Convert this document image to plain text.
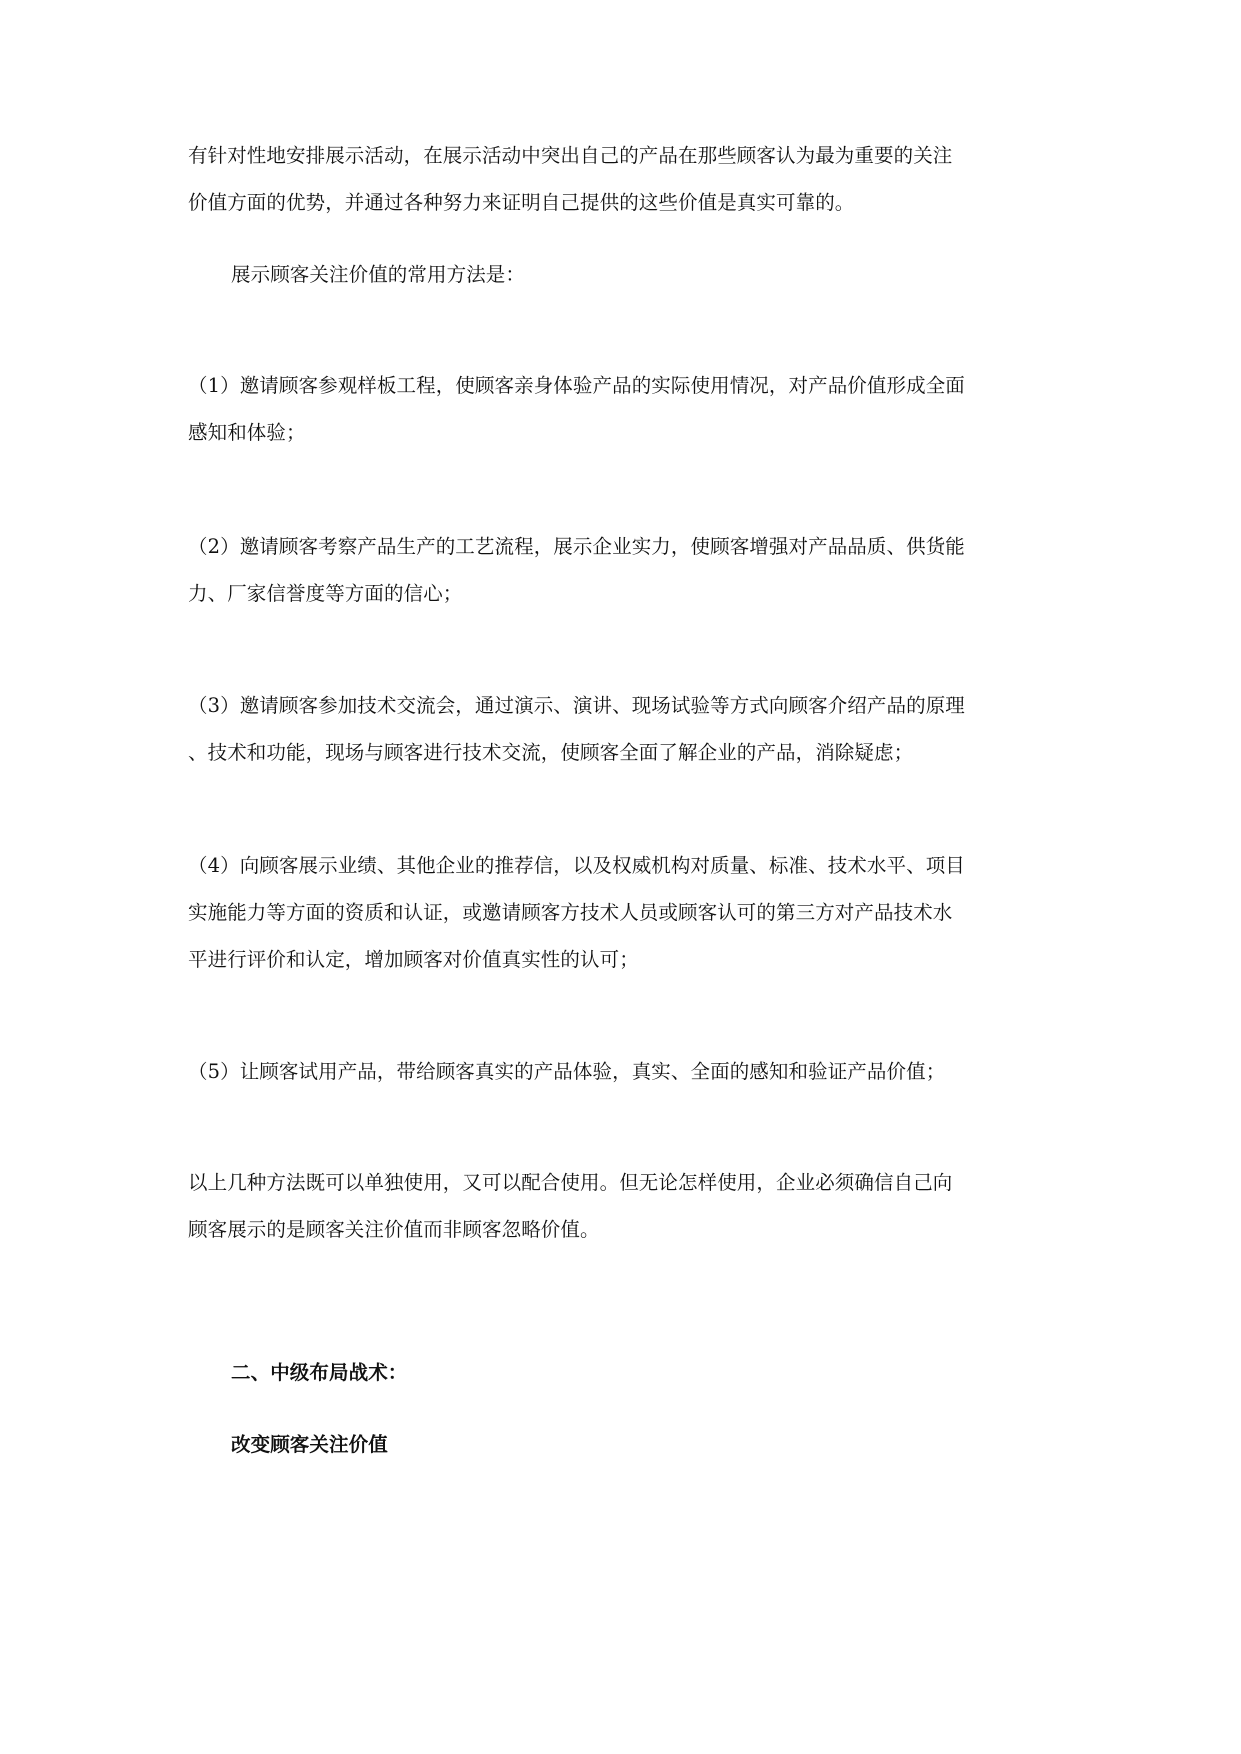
有针对性地安排展示活动，在展示活动中突出自己的产品在那些顾客认为最为重要的关注
价值方面的优势，并通过各种努力来证明自己提供的这些价值是真实可靠的。
展示顾客关注价值的常用方法是：
（1）邀请顾客参观样板工程，使顾客亲身体验产品的实际使用情况，对产品价值形成全面
感知和体验；
（2）邀请顾客考察产品生产的工艺流程，展示企业实力，使顾客增强对产品品质、供货能
力、厂家信誉度等方面的信心；
（3）邀请顾客参加技术交流会，通过演示、演讲、现场试验等方式向顾客介绍产品的原理
、技术和功能，现场与顾客进行技术交流，使顾客全面了解企业的产品，消除疑虑；
（4）向顾客展示业绩、其他企业的推荐信，以及权威机构对质量、标准、技术水平、项目
实施能力等方面的资质和认证，或邀请顾客方技术人员或顾客认可的第三方对产品技术水
平进行评价和认定，增加顾客对价值真实性的认可；
（5）让顾客试用产品，带给顾客真实的产品体验，真实、全面的感知和验证产品价值；
以上几种方法既可以单独使用，又可以配合使用。但无论怎样使用，企业必须确信自己向
顾客展示的是顾客关注价值而非顾客忽略价值。
二、中级布局战术：
改变顾客关注价值
